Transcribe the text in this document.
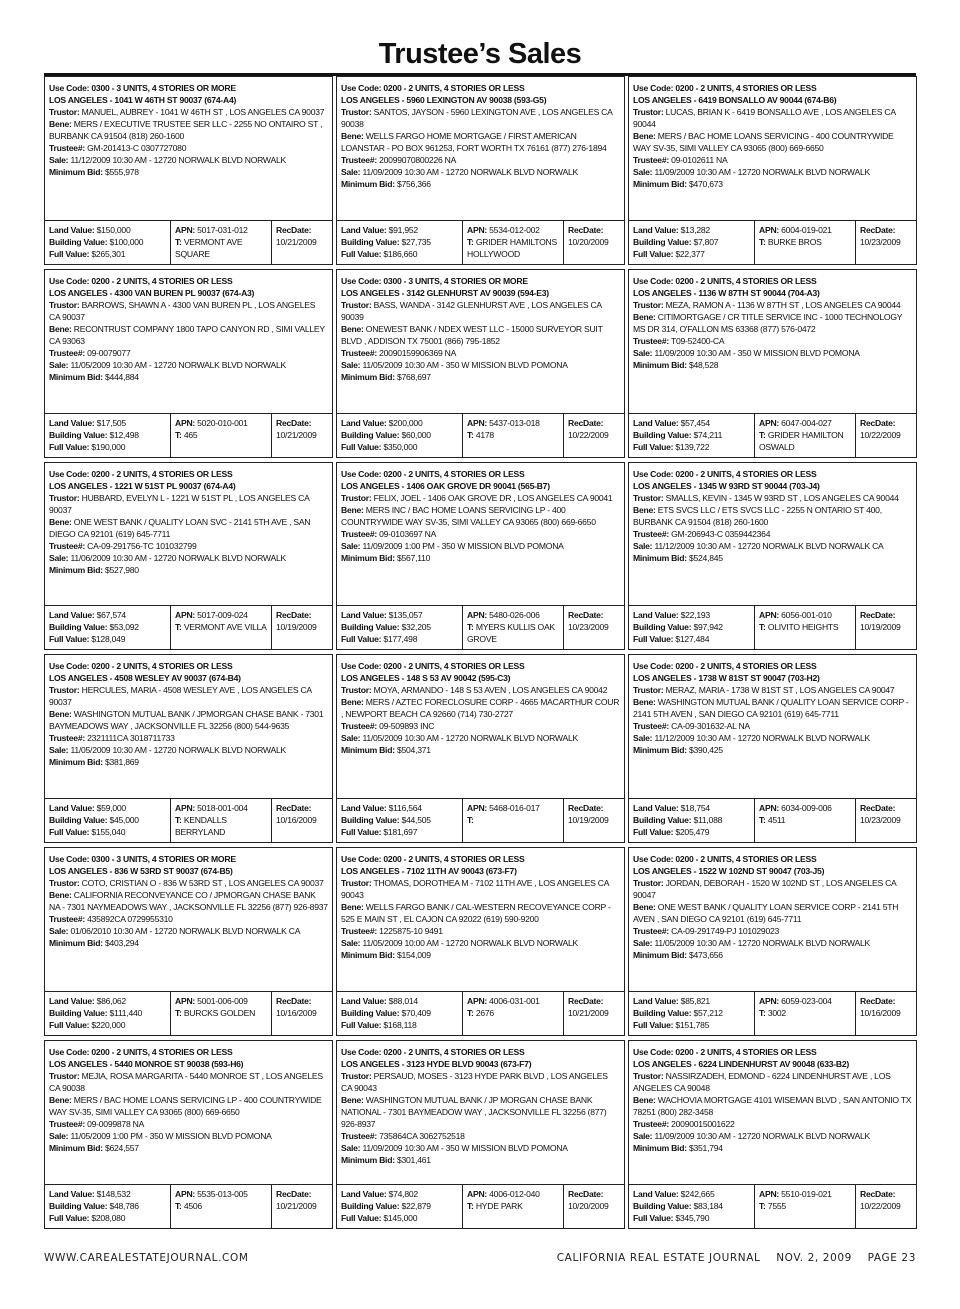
Trustee’s Sales
Use Code: 0300 - 3 UNITS, 4 STORIES OR MORE
LOS ANGELES - 1041 W 46TH ST 90037 (674-A4)
Trustor: MANUEL, AUBREY - 1041 W 46TH ST , LOS ANGELES CA 90037
Bene: MERS / EXECUTIVE TRUSTEE SER LLC - 2255 NO ONTAIRO ST , BURBANK CA 91504 (818) 260-1600
Trustee#: GM-201413-C 0307727080
Sale: 11/12/2009 10:30 AM - 12720 NORWALK BLVD NORWALK
Minimum Bid: $555,978
Land Value: $150,000
Building Value: $100,000
Full Value: $265,301
APN: 5017-031-012
T: VERMONT AVE SQUARE
RecDate:
10/21/2009
Use Code: 0200 - 2 UNITS, 4 STORIES OR LESS
LOS ANGELES - 5960 LEXINGTON AV 90038 (593-G5)
Trustor: SANTOS, JAYSON - 5960 LEXINGTON AVE , LOS ANGELES CA 90038
Bene: WELLS FARGO HOME MORTGAGE / FIRST AMERICAN LOANSTAR - PO BOX 961253, FORT WORTH TX 76161 (877) 276-1894
Trustee#: 20099070800226 NA
Sale: 11/09/2009 10:30 AM - 12720 NORWALK BLVD NORWALK
Minimum Bid: $756,366
Land Value: $91,952
Building Value: $27,735
Full Value: $186,660
APN: 5534-012-002
T: GRIDER HAMILTONS HOLLYWOOD
RecDate:
10/20/2009
Use Code: 0200 - 2 UNITS, 4 STORIES OR LESS
LOS ANGELES - 6419 BONSALLO AV 90044 (674-B6)
Trustor: LUCAS, BRIAN K - 6419 BONSALLO AVE , LOS ANGELES CA 90044
Bene: MERS / BAC HOME LOANS SERVICING - 400 COUNTRYWIDE WAY SV-35, SIMI VALLEY CA 93065 (800) 669-6650
Trustee#: 09-0102611 NA
Sale: 11/09/2009 10:30 AM - 12720 NORWALK BLVD NORWALK
Minimum Bid: $470,673
Land Value: $13,282
Building Value: $7,807
Full Value: $22,377
APN: 6004-019-021
T: BURKE BROS
RecDate:
10/23/2009
Use Code: 0200 - 2 UNITS, 4 STORIES OR LESS
LOS ANGELES - 4300 VAN BUREN PL 90037 (674-A3)
Trustor: BARROWS, SHAWN A - 4300 VAN BUREN PL , LOS ANGELES CA 90037
Bene: RECONTRUST COMPANY 1800 TAPO CANYON RD , SIMI VALLEY CA 93063
Trustee#: 09-0079077
Sale: 11/05/2009 10:30 AM - 12720 NORWALK BLVD NORWALK
Minimum Bid: $444,884
Land Value: $17,505
Building Value: $12,498
Full Value: $190,000
APN: 5020-010-001
T: 465
RecDate:
10/21/2009
Use Code: 0300 - 3 UNITS, 4 STORIES OR MORE
LOS ANGELES - 3142 GLENHURST AV 90039 (594-E3)
Trustor: BASS, WANDA - 3142 GLENHURST AVE , LOS ANGELES CA 90039
Bene: ONEWEST BANK / NDEX WEST LLC - 15000 SURVEYOR SUIT BLVD , ADDISON TX 75001 (866) 795-1852
Trustee#: 20090159906369 NA
Sale: 11/05/2009 10:30 AM - 350 W MISSION BLVD POMONA
Minimum Bid: $768,697
Land Value: $200,000
Building Value: $60,000
Full Value: $350,000
APN: 5437-013-018
T: 4178
RecDate:
10/22/2009
Use Code: 0200 - 2 UNITS, 4 STORIES OR LESS
LOS ANGELES - 1136 W 87TH ST 90044 (704-A3)
Trustor: MEZA, RAMON A - 1136 W 87TH ST , LOS ANGELES CA 90044
Bene: CITIMORTGAGE / CR TITLE SERVICE INC - 1000 TECHNOLOGY MS DR 314, O'FALLON MS 63368 (877) 576-0472
Trustee#: T09-52400-CA
Sale: 11/09/2009 10:30 AM - 350 W MISSION BLVD POMONA
Minimum Bid: $48,528
Land Value: $57,454
Building Value: $74,211
Full Value: $139,722
APN: 6047-004-027
T: GRIDER HAMILTON OSWALD
RecDate:
10/22/2009
Use Code: 0200 - 2 UNITS, 4 STORIES OR LESS
LOS ANGELES - 1221 W 51ST PL 90037 (674-A4)
Trustor: HUBBARD, EVELYN L - 1221 W 51ST PL , LOS ANGELES CA 90037
Bene: ONE WEST BANK / QUALITY LOAN SVC - 2141 5TH AVE , SAN DIEGO CA 92101 (619) 645-7711
Trustee#: CA-09-291756-TC 101032799
Sale: 11/06/2009 10:30 AM - 12720 NORWALK BLVD NORWALK
Minimum Bid: $527,980
Land Value: $67,574
Building Value: $53,092
Full Value: $128,049
APN: 5017-009-024
T: VERMONT AVE VILLA
RecDate:
10/19/2009
Use Code: 0200 - 2 UNITS, 4 STORIES OR LESS
LOS ANGELES - 1406 OAK GROVE DR 90041 (565-B7)
Trustor: FELIX, JOEL - 1406 OAK GROVE DR , LOS ANGELES CA 90041
Bene: MERS INC / BAC HOME LOANS SERVICING LP - 400 COUNTRYWIDE WAY SV-35, SIMI VALLEY CA 93065 (800) 669-6650
Trustee#: 09-0103697 NA
Sale: 11/09/2009 1:00 PM - 350 W MISSION BLVD POMONA
Minimum Bid: $567,110
Land Value: $135,057
Building Value: $32,205
Full Value: $177,498
APN: 5480-026-006
T: MYERS KULLIS OAK GROVE
RecDate:
10/23/2009
Use Code: 0200 - 2 UNITS, 4 STORIES OR LESS
LOS ANGELES - 1345 W 93RD ST 90044 (703-J4)
Trustor: SMALLS, KEVIN - 1345 W 93RD ST , LOS ANGELES CA 90044
Bene: ETS SVCS LLC / ETS SVCS LLC - 2255 N ONTARIO ST 400, BURBANK CA 91504 (818) 260-1600
Trustee#: GM-206943-C 0359442364
Sale: 11/12/2009 10:30 AM - 12720 NORWALK BLVD NORWALK CA
Minimum Bid: $524,845
Land Value: $22,193
Building Value: $97,942
Full Value: $127,484
APN: 6056-001-010
T: OLIVITO HEIGHTS
RecDate:
10/19/2009
Use Code: 0200 - 2 UNITS, 4 STORIES OR LESS
LOS ANGELES - 4508 WESLEY AV 90037 (674-B4)
Trustor: HERCULES, MARIA - 4508 WESLEY AVE , LOS ANGELES CA 90037
Bene: WASHINGTON MUTUAL BANK / JPMORGAN CHASE BANK - 7301 BAYMEADOWS WAY , JACKSONVILLE FL 32256 (800) 544-9635
Trustee#: 2321111CA 3018711733
Sale: 11/05/2009 10:30 AM - 12720 NORWALK BLVD NORWALK
Minimum Bid: $381,869
Land Value: $59,000
Building Value: $45,000
Full Value: $155,040
APN: 5018-001-004
T: KENDALLS BERRYLAND
RecDate:
10/16/2009
Use Code: 0200 - 2 UNITS, 4 STORIES OR LESS
LOS ANGELES - 148 S 53 AV 90042 (595-C3)
Trustor: MOYA, ARMANDO - 148 S 53 AVEN , LOS ANGELES CA 90042
Bene: MERS / AZTEC FORECLOSURE CORP - 4665 MACARTHUR COUR , NEWPORT BEACH CA 92660 (714) 730-2727
Trustee#: 09-509893 INC
Sale: 11/05/2009 10:30 AM - 12720 NORWALK BLVD NORWALK
Minimum Bid: $504,371
Land Value: $116,564
Building Value: $44,505
Full Value: $181,697
APN: 5468-016-017
T:
RecDate:
10/19/2009
Use Code: 0200 - 2 UNITS, 4 STORIES OR LESS
LOS ANGELES - 1738 W 81ST ST 90047 (703-H2)
Trustor: MERAZ, MARIA - 1738 W 81ST ST , LOS ANGELES CA 90047
Bene: WASHINGTON MUTUAL BANK / QUALITY LOAN SERVICE CORP - 2141 5TH AVEN , SAN DIEGO CA 92101 (619) 645-7711
Trustee#: CA-09-301632-AL NA
Sale: 11/12/2009 10:30 AM - 12720 NORWALK BLVD NORWALK
Minimum Bid: $390,425
Land Value: $18,754
Building Value: $11,088
Full Value: $205,479
APN: 6034-009-006
T: 4511
RecDate:
10/23/2009
Use Code: 0300 - 3 UNITS, 4 STORIES OR MORE
LOS ANGELES - 836 W 53RD ST 90037 (674-B5)
Trustor: COTO, CRISTIAN O - 836 W 53RD ST , LOS ANGELES CA 90037
Bene: CALIFORNIA RECONVEYANCE CO / JPMORGAN CHASE BANK NA - 7301 NAYMEADOWS WAY , JACKSONVILLE FL 32256 (877) 926-8937
Trustee#: 435892CA 0729955310
Sale: 01/06/2010 10:30 AM - 12720 NORWALK BLVD NORWALK CA
Minimum Bid: $403,294
Land Value: $86,062
Building Value: $111,440
Full Value: $220,000
APN: 5001-006-009
T: BURCKS GOLDEN
RecDate:
10/16/2009
Use Code: 0200 - 2 UNITS, 4 STORIES OR LESS
LOS ANGELES - 7102 11TH AV 90043 (673-F7)
Trustor: THOMAS, DOROTHEA M - 7102 11TH AVE , LOS ANGELES CA 90043
Bene: WELLS FARGO BANK / CAL-WESTERN RECOVEYANCE CORP - 525 E MAIN ST , EL CAJON CA 92022 (619) 590-9200
Trustee#: 1225875-10 9491
Sale: 11/05/2009 10:00 AM - 12720 NORWALK BLVD NORWALK
Minimum Bid: $154,009
Land Value: $88,014
Building Value: $70,409
Full Value: $168,118
APN: 4006-031-001
T: 2676
RecDate:
10/21/2009
Use Code: 0200 - 2 UNITS, 4 STORIES OR LESS
LOS ANGELES - 1522 W 102ND ST 90047 (703-J5)
Trustor: JORDAN, DEBORAH - 1520 W 102ND ST , LOS ANGELES CA 90047
Bene: ONE WEST BANK / QUALITY LOAN SERVICE CORP - 2141 5TH AVEN , SAN DIEGO CA 92101 (619) 645-7711
Trustee#: CA-09-291749-PJ 101029023
Sale: 11/05/2009 10:30 AM - 12720 NORWALK BLVD NORWALK
Minimum Bid: $473,656
Land Value: $85,821
Building Value: $57,212
Full Value: $151,785
APN: 6059-023-004
T: 3002
RecDate:
10/16/2009
Use Code: 0200 - 2 UNITS, 4 STORIES OR LESS
LOS ANGELES - 5440 MONROE ST 90038 (593-H6)
Trustor: MEJIA, ROSA MARGARITA - 5440 MONROE ST , LOS ANGELES CA 90038
Bene: MERS / BAC HOME LOANS SERVICING LP - 400 COUNTRYWIDE WAY SV-35, SIMI VALLEY CA 93065 (800) 669-6650
Trustee#: 09-0099878 NA
Sale: 11/05/2009 1:00 PM - 350 W MISSION BLVD POMONA
Minimum Bid: $624,557
Land Value: $148,532
Building Value: $48,786
Full Value: $208,080
APN: 5535-013-005
T: 4506
RecDate:
10/21/2009
Use Code: 0200 - 2 UNITS, 4 STORIES OR LESS
LOS ANGELES - 3123 HYDE BLVD 90043 (673-F7)
Trustor: PERSAUD, MOSES - 3123 HYDE PARK BLVD , LOS ANGELES CA 90043
Bene: WASHINGTON MUTUAL BANK / JP MORGAN CHASE BANK NATIONAL - 7301 BAYMEADOW WAY , JACKSONVILLE FL 32256 (877) 926-8937
Trustee#: 735864CA 3062752518
Sale: 11/09/2009 10:30 AM - 350 W MISSION BLVD POMONA
Minimum Bid: $301,461
Land Value: $74,802
Building Value: $22,879
Full Value: $145,000
APN: 4006-012-040
T: HYDE PARK
RecDate:
10/20/2009
Use Code: 0200 - 2 UNITS, 4 STORIES OR LESS
LOS ANGELES - 6224 LINDENHURST AV 90048 (633-B2)
Trustor: NASSIRZADEH, EDMOND - 6224 LINDENHURST AVE , LOS ANGELES CA 90048
Bene: WACHOVIA MORTGAGE 4101 WISEMAN BLVD , SAN ANTONIO TX 78251 (800) 282-3458
Trustee#: 20090015001622
Sale: 11/09/2009 10:30 AM - 12720 NORWALK BLVD NORWALK
Minimum Bid: $351,794
Land Value: $242,665
Building Value: $83,184
Full Value: $345,790
APN: 5510-019-021
T: 7555
RecDate:
10/22/2009
WWW.CAREALESTATEJOURNAL.COM	CALIFORNIA REAL ESTATE JOURNAL    NOV. 2, 2009    PAGE 23
